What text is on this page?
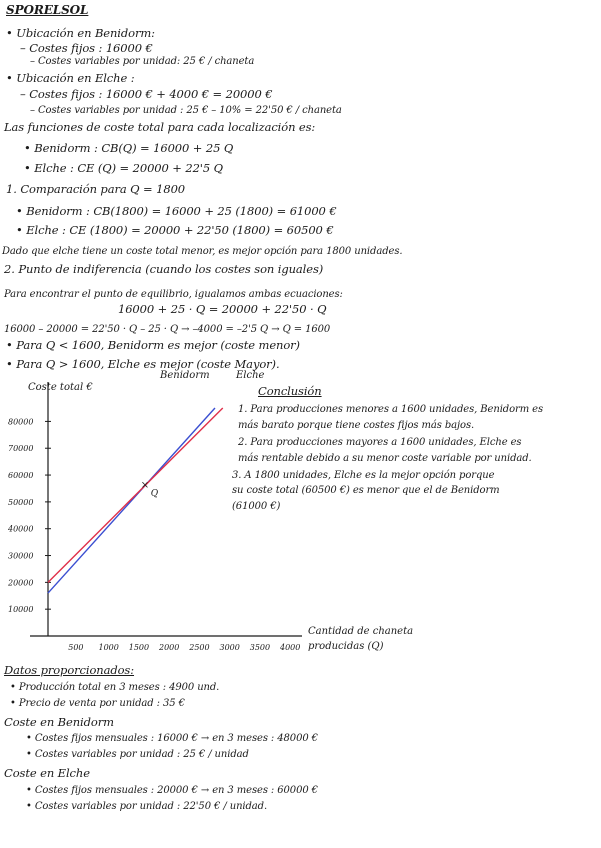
SPORELSOL
• Ubicación en Benidorm:
– Costes fijos : 16000 €
– Costes variables por unidad: 25 € / chaneta
• Ubicación en Elche :
– Costes fijos : 16000 € + 4000 € = 20000 €
– Costes variables por unidad : 25 € – 10% = 22'50 € / chaneta
Las funciones de coste total para cada localización es:
• Benidorm : CB(Q) = 16000 + 25 Q
• Elche : CE (Q) = 20000 + 22'5 Q
1. Comparación para Q = 1800
• Benidorm : CB(1800) = 16000 + 25 (1800) = 61000 €
• Elche : CE (1800) = 20000 + 22'50 (1800) = 60500 €
Dado que elche tiene un coste total menor, es mejor opción para 1800 unidades.
2. Punto de indiferencia (cuando los costes son iguales)
Para encontrar el punto de equilibrio, igualamos ambas ecuaciones:
16000 + 25 · Q = 20000 + 22'50 · Q
16000 – 20000 = 22'50 · Q – 25 · Q → –4000 = –2'5 Q → Q = 1600
• Para Q < 1600, Benidorm es mejor (coste menor)
• Para Q > 1600, Elche es mejor (coste Mayor).
Coste total €
Benidorm	Elche
10000
20000
30000
40000
50000
60000
70000
80000
500 1000 1500 2000 2500 3000 3500 4000
×
Q
Cantidad de chaneta
producidas (Q)
Conclusión
1. Para producciones menores a 1600 unidades, Benidorm es
más barato porque tiene costes fijos más bajos.
2. Para producciones mayores a 1600 unidades, Elche es
más rentable debido a su menor coste variable por unidad.
3. A 1800 unidades, Elche es la mejor opción porque
su coste total (60500 €) es menor que el de Benidorm
(61000 €)
Datos proporcionados:
• Producción total en 3 meses : 4900 und.
• Precio de venta por unidad : 35 €
Coste en Benidorm
• Costes fijos mensuales : 16000 € → en 3 meses : 48000 €
• Costes variables por unidad : 25 € / unidad
Coste en Elche
• Costes fijos mensuales : 20000 € → en 3 meses : 60000 €
• Costes variables por unidad : 22'50 € / unidad.
